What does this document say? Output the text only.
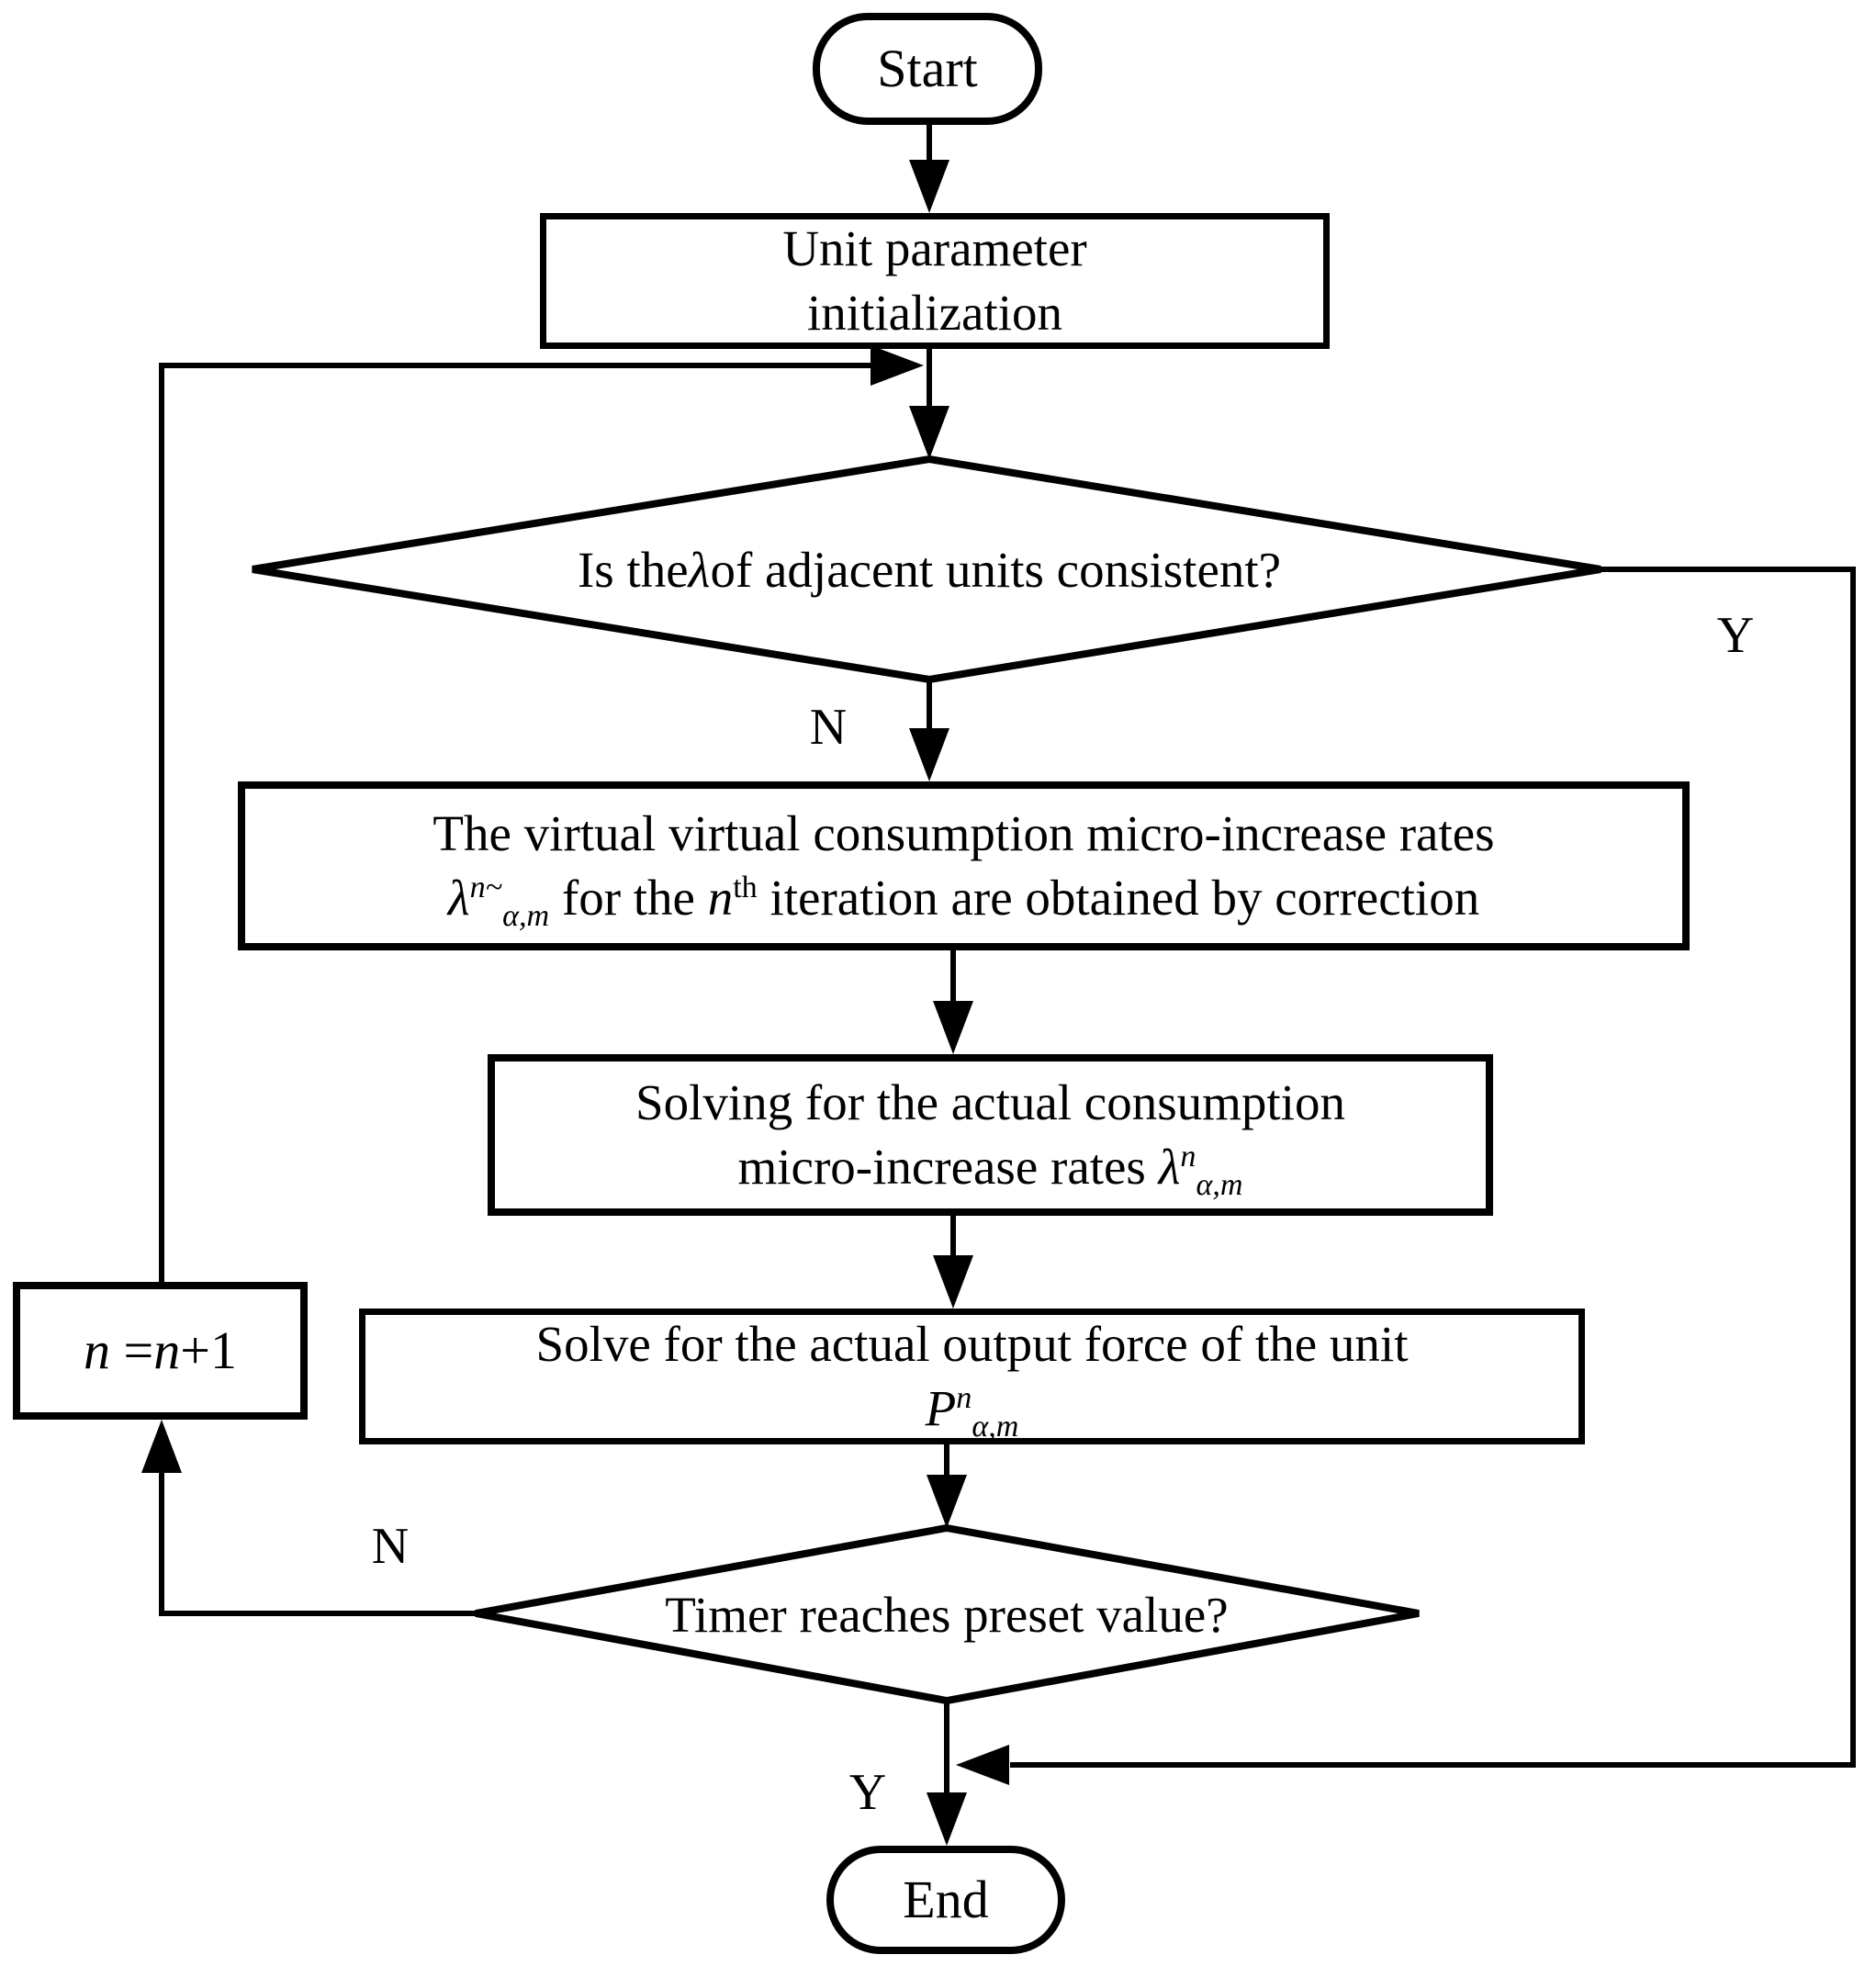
Start
Unit parameter
initialization
Is the λ of adjacent units consistent?
N
Y
The virtual virtual consumption micro-increase rates
$\lambda^{n\sim}_{\alpha,m}$ for the $n^{th}$ iteration are obtained by correction
Solving for the actual consumption
micro-increase rates $\lambda^n_{\alpha,m}$
Solve for the actual output force of the unit
$P^n_{\alpha,m}$
Timer reaches preset value?
N
Y
n =n+1
End
